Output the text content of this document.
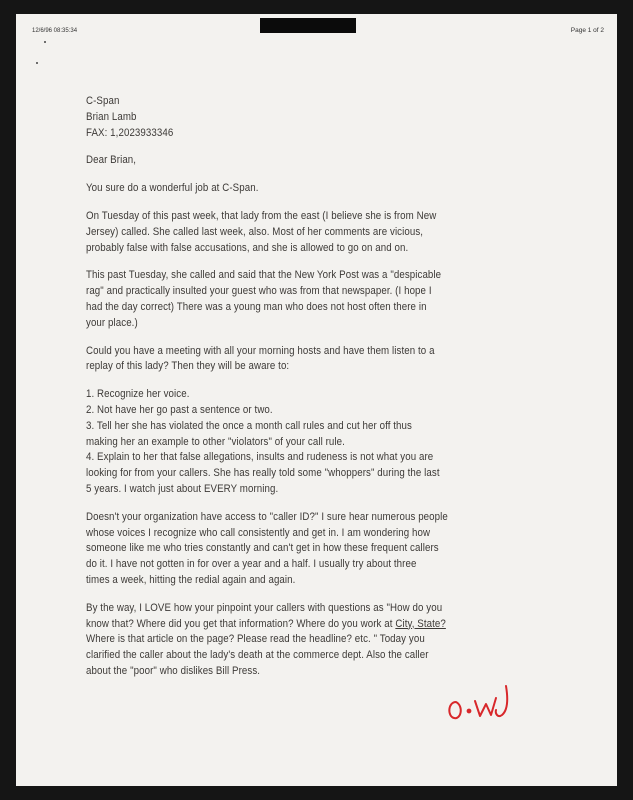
12/6/96 08:35:34	Page 1 of 2

C-Span
Brian Lamb
FAX: 1,2023933346

Dear Brian,

You sure do a wonderful job at C-Span.

On Tuesday of this past week, that lady from the east (I believe she is from New
Jersey) called. She called last week, also. Most of her comments are vicious,
probably false with false accusations, and she is allowed to go on and on.

This past Tuesday, she called and said that the New York Post was a "despicable
rag" and practically insulted your guest who was from that newspaper. (I hope I
had the day correct) There was a young man who does not host often there in
your place.)

Could you have a meeting with all your morning hosts and have them listen to a
replay of this lady? Then they will be aware to:

1. Recognize her voice.
2. Not have her go past a sentence or two.
3. Tell her she has violated the once a month call rules and cut her off thus
making her an example to other "violators" of your call rule.
4. Explain to her that false allegations, insults and rudeness is not what you are
looking for from your callers. She has really told some "whoppers" during the last
5 years. I watch just about EVERY morning.

Doesn't your organization have access to "caller ID?" I sure hear numerous people
whose voices I recognize who call consistently and get in. I am wondering how
someone like me who tries constantly and can't get in how these frequent callers
do it. I have not gotten in for over a year and a half. I usually try about three
times a week, hitting the redial again and again.

By the way, I LOVE how your pinpoint your callers with questions as "How do you
know that? Where did you get that information? Where do you work at City, State?
Where is that article on the page? Please read the headline? etc. " Today you
clarified the caller about the lady's death at the commerce dept. Also the caller
about the "poor" who dislikes Bill Press.
